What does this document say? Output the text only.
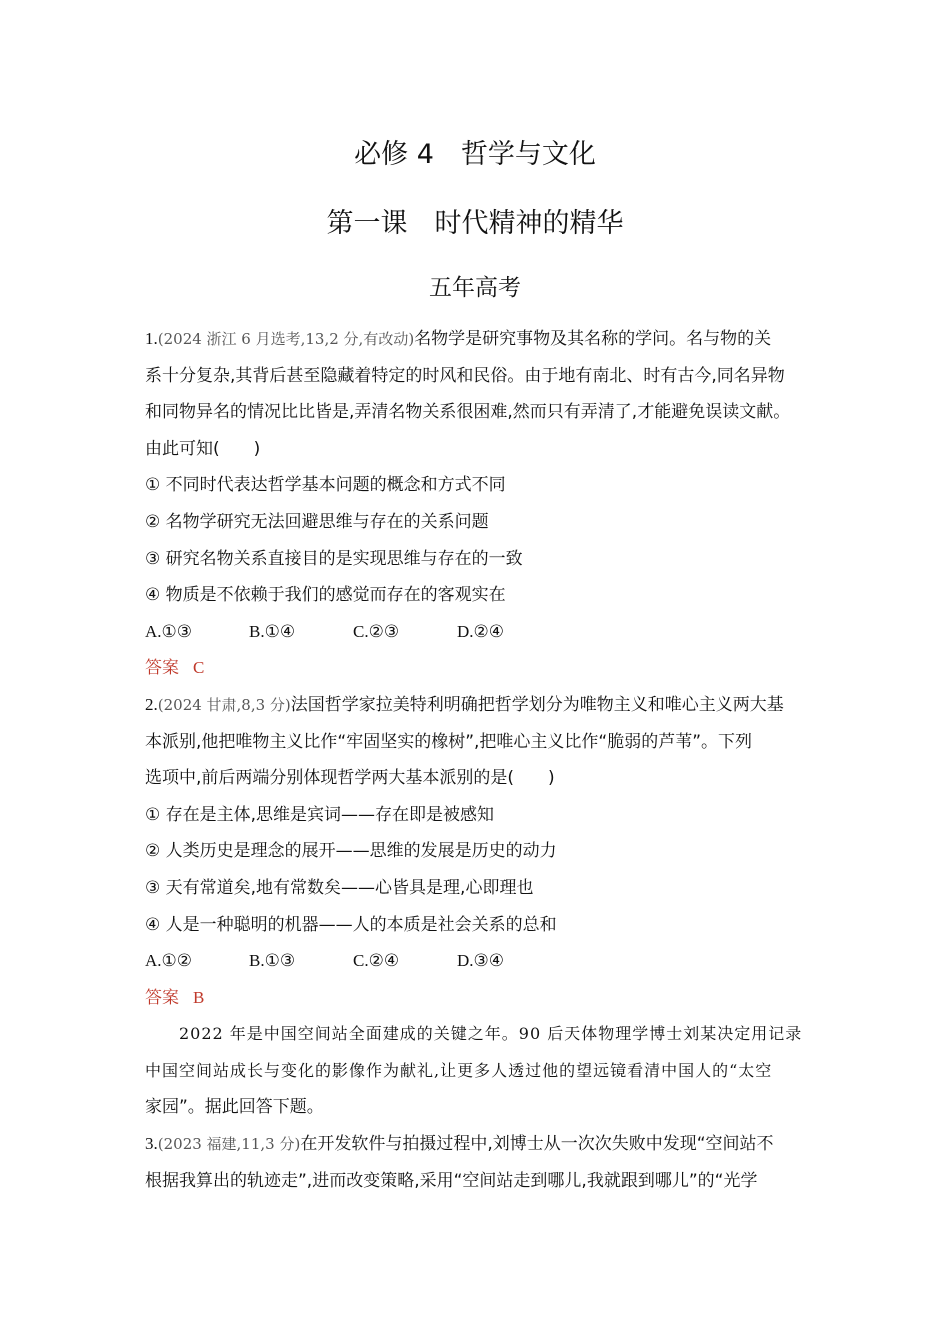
必修 4　哲学与文化
第一课　时代精神的精华
五年高考
1.(2024 浙江 6 月选考,13,2 分,有改动)名物学是研究事物及其名称的学问。名与物的关
系十分复杂,其背后甚至隐藏着特定的时风和民俗。由于地有南北、时有古今,同名异物
和同物异名的情况比比皆是,弄清名物关系很困难,然而只有弄清了,才能避免误读文献。
由此可知(　　)
① 不同时代表达哲学基本问题的概念和方式不同
② 名物学研究无法回避思维与存在的关系问题
③ 研究名物关系直接目的是实现思维与存在的一致
④ 物质是不依赖于我们的感觉而存在的客观实在
A.①③	B.①④	C.②③	D.②④
答案 C
2.(2024 甘肃,8,3 分)法国哲学家拉美特利明确把哲学划分为唯物主义和唯心主义两大基
本派别,他把唯物主义比作“牢固坚实的橡树”,把唯心主义比作“脆弱的芦苇”。下列
选项中,前后两端分别体现哲学两大基本派别的是(　　)
① 存在是主体,思维是宾词——存在即是被感知
② 人类历史是理念的展开——思维的发展是历史的动力
③ 天有常道矣,地有常数矣——心皆具是理,心即理也
④ 人是一种聪明的机器——人的本质是社会关系的总和
A.①②	B.①③	C.②④	D.③④
答案 B
2022 年是中国空间站全面建成的关键之年。90 后天体物理学博士刘某决定用记录
中国空间站成长与变化的影像作为献礼,让更多人透过他的望远镜看清中国人的“太空
家园”。据此回答下题。
3.(2023 福建,11,3 分)在开发软件与拍摄过程中,刘博士从一次次失败中发现“空间站不
根据我算出的轨迹走”,进而改变策略,采用“空间站走到哪儿,我就跟到哪儿”的“光学
